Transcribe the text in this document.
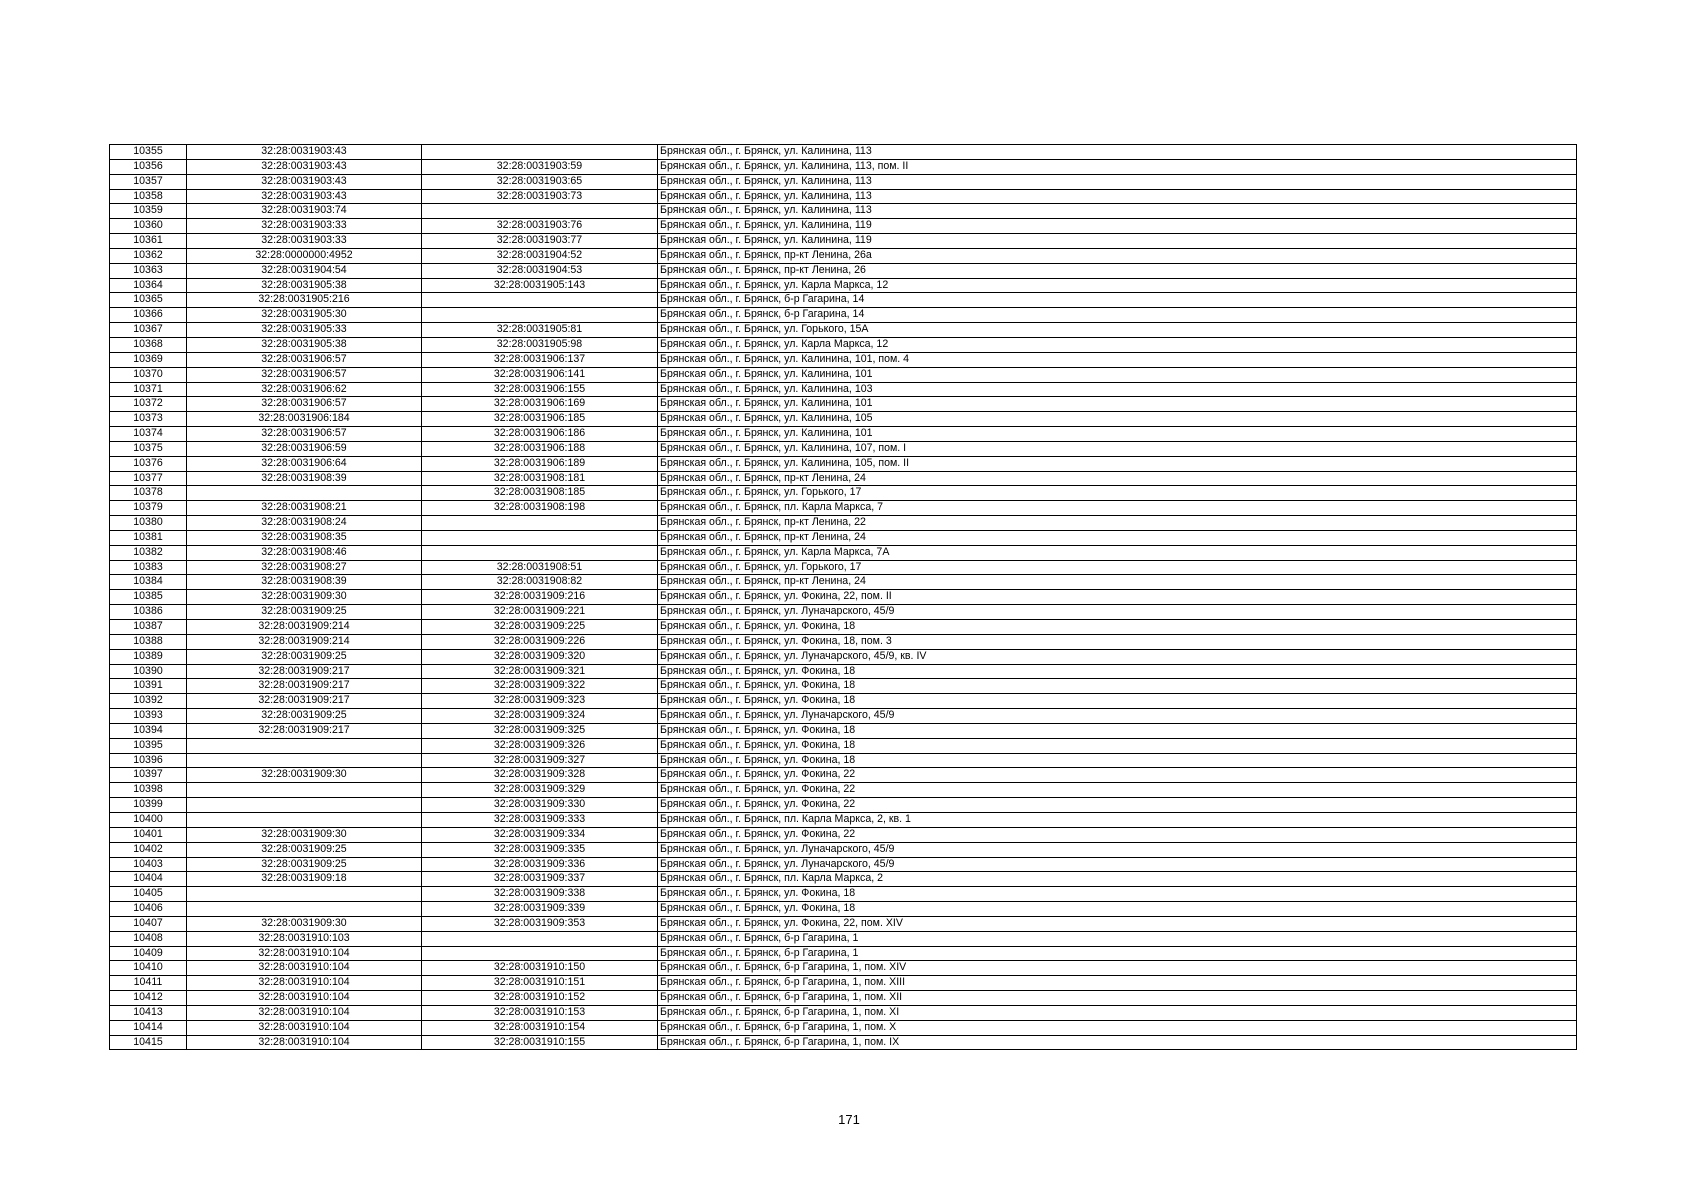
10355	32:28:0031903:43		Брянская обл., г. Брянск, ул. Калинина, 113
10356	32:28:0031903:43	32:28:0031903:59	Брянская обл., г. Брянск, ул. Калинина, 113, пом. II
10357	32:28:0031903:43	32:28:0031903:65	Брянская обл., г. Брянск, ул. Калинина, 113
10358	32:28:0031903:43	32:28:0031903:73	Брянская обл., г. Брянск, ул. Калинина, 113
10359	32:28:0031903:74		Брянская обл., г. Брянск, ул. Калинина, 113
10360	32:28:0031903:33	32:28:0031903:76	Брянская обл., г. Брянск, ул. Калинина, 119
10361	32:28:0031903:33	32:28:0031903:77	Брянская обл., г. Брянск, ул. Калинина, 119
10362	32:28:0000000:4952	32:28:0031904:52	Брянская обл., г. Брянск, пр-кт Ленина, 26а
10363	32:28:0031904:54	32:28:0031904:53	Брянская обл., г. Брянск, пр-кт Ленина, 26
10364	32:28:0031905:38	32:28:0031905:143	Брянская обл., г. Брянск, ул. Карла Маркса, 12
10365	32:28:0031905:216		Брянская обл., г. Брянск, б-р Гагарина, 14
10366	32:28:0031905:30		Брянская обл., г. Брянск, б-р Гагарина, 14
10367	32:28:0031905:33	32:28:0031905:81	Брянская обл., г. Брянск, ул. Горького, 15А
10368	32:28:0031905:38	32:28:0031905:98	Брянская обл., г. Брянск, ул. Карла Маркса, 12
10369	32:28:0031906:57	32:28:0031906:137	Брянская обл., г. Брянск, ул. Калинина, 101, пом. 4
10370	32:28:0031906:57	32:28:0031906:141	Брянская обл., г. Брянск, ул. Калинина, 101
10371	32:28:0031906:62	32:28:0031906:155	Брянская обл., г. Брянск, ул. Калинина, 103
10372	32:28:0031906:57	32:28:0031906:169	Брянская обл., г. Брянск, ул. Калинина, 101
10373	32:28:0031906:184	32:28:0031906:185	Брянская обл., г. Брянск, ул. Калинина, 105
10374	32:28:0031906:57	32:28:0031906:186	Брянская обл., г. Брянск, ул. Калинина, 101
10375	32:28:0031906:59	32:28:0031906:188	Брянская обл., г. Брянск, ул. Калинина, 107, пом. I
10376	32:28:0031906:64	32:28:0031906:189	Брянская обл., г. Брянск, ул. Калинина, 105, пом. II
10377	32:28:0031908:39	32:28:0031908:181	Брянская обл., г. Брянск, пр-кт Ленина, 24
10378		32:28:0031908:185	Брянская обл., г. Брянск, ул. Горького, 17
10379	32:28:0031908:21	32:28:0031908:198	Брянская обл., г. Брянск, пл. Карла Маркса, 7
10380	32:28:0031908:24		Брянская обл., г. Брянск, пр-кт Ленина, 22
10381	32:28:0031908:35		Брянская обл., г. Брянск, пр-кт Ленина, 24
10382	32:28:0031908:46		Брянская обл., г. Брянск, ул. Карла Маркса, 7А
10383	32:28:0031908:27	32:28:0031908:51	Брянская обл., г. Брянск, ул. Горького, 17
10384	32:28:0031908:39	32:28:0031908:82	Брянская обл., г. Брянск, пр-кт Ленина, 24
10385	32:28:0031909:30	32:28:0031909:216	Брянская обл., г. Брянск, ул. Фокина, 22, пом. II
10386	32:28:0031909:25	32:28:0031909:221	Брянская обл., г. Брянск, ул. Луначарского, 45/9
10387	32:28:0031909:214	32:28:0031909:225	Брянская обл., г. Брянск, ул. Фокина, 18
10388	32:28:0031909:214	32:28:0031909:226	Брянская обл., г. Брянск, ул. Фокина, 18, пом. 3
10389	32:28:0031909:25	32:28:0031909:320	Брянская обл., г. Брянск, ул. Луначарского, 45/9, кв. IV
10390	32:28:0031909:217	32:28:0031909:321	Брянская обл., г. Брянск, ул. Фокина, 18
10391	32:28:0031909:217	32:28:0031909:322	Брянская обл., г. Брянск, ул. Фокина, 18
10392	32:28:0031909:217	32:28:0031909:323	Брянская обл., г. Брянск, ул. Фокина, 18
10393	32:28:0031909:25	32:28:0031909:324	Брянская обл., г. Брянск, ул. Луначарского, 45/9
10394	32:28:0031909:217	32:28:0031909:325	Брянская обл., г. Брянск, ул. Фокина, 18
10395		32:28:0031909:326	Брянская обл., г. Брянск, ул. Фокина, 18
10396		32:28:0031909:327	Брянская обл., г. Брянск, ул. Фокина, 18
10397	32:28:0031909:30	32:28:0031909:328	Брянская обл., г. Брянск, ул. Фокина, 22
10398		32:28:0031909:329	Брянская обл., г. Брянск, ул. Фокина, 22
10399		32:28:0031909:330	Брянская обл., г. Брянск, ул. Фокина, 22
10400		32:28:0031909:333	Брянская обл., г. Брянск, пл. Карла Маркса, 2, кв. 1
10401	32:28:0031909:30	32:28:0031909:334	Брянская обл., г. Брянск, ул. Фокина, 22
10402	32:28:0031909:25	32:28:0031909:335	Брянская обл., г. Брянск, ул. Луначарского, 45/9
10403	32:28:0031909:25	32:28:0031909:336	Брянская обл., г. Брянск, ул. Луначарского, 45/9
10404	32:28:0031909:18	32:28:0031909:337	Брянская обл., г. Брянск, пл. Карла Маркса, 2
10405		32:28:0031909:338	Брянская обл., г. Брянск, ул. Фокина, 18
10406		32:28:0031909:339	Брянская обл., г. Брянск, ул. Фокина, 18
10407	32:28:0031909:30	32:28:0031909:353	Брянская обл., г. Брянск, ул. Фокина, 22, пом. XIV
10408	32:28:0031910:103		Брянская обл., г. Брянск, б-р Гагарина, 1
10409	32:28:0031910:104		Брянская обл., г. Брянск, б-р Гагарина, 1
10410	32:28:0031910:104	32:28:0031910:150	Брянская обл., г. Брянск, б-р Гагарина, 1, пом. XIV
10411	32:28:0031910:104	32:28:0031910:151	Брянская обл., г. Брянск, б-р Гагарина, 1, пом. XIII
10412	32:28:0031910:104	32:28:0031910:152	Брянская обл., г. Брянск, б-р Гагарина, 1, пом. XII
10413	32:28:0031910:104	32:28:0031910:153	Брянская обл., г. Брянск, б-р Гагарина, 1, пом. XI
10414	32:28:0031910:104	32:28:0031910:154	Брянская обл., г. Брянск, б-р Гагарина, 1, пом. X
10415	32:28:0031910:104	32:28:0031910:155	Брянская обл., г. Брянск, б-р Гагарина, 1, пом. IX
171
